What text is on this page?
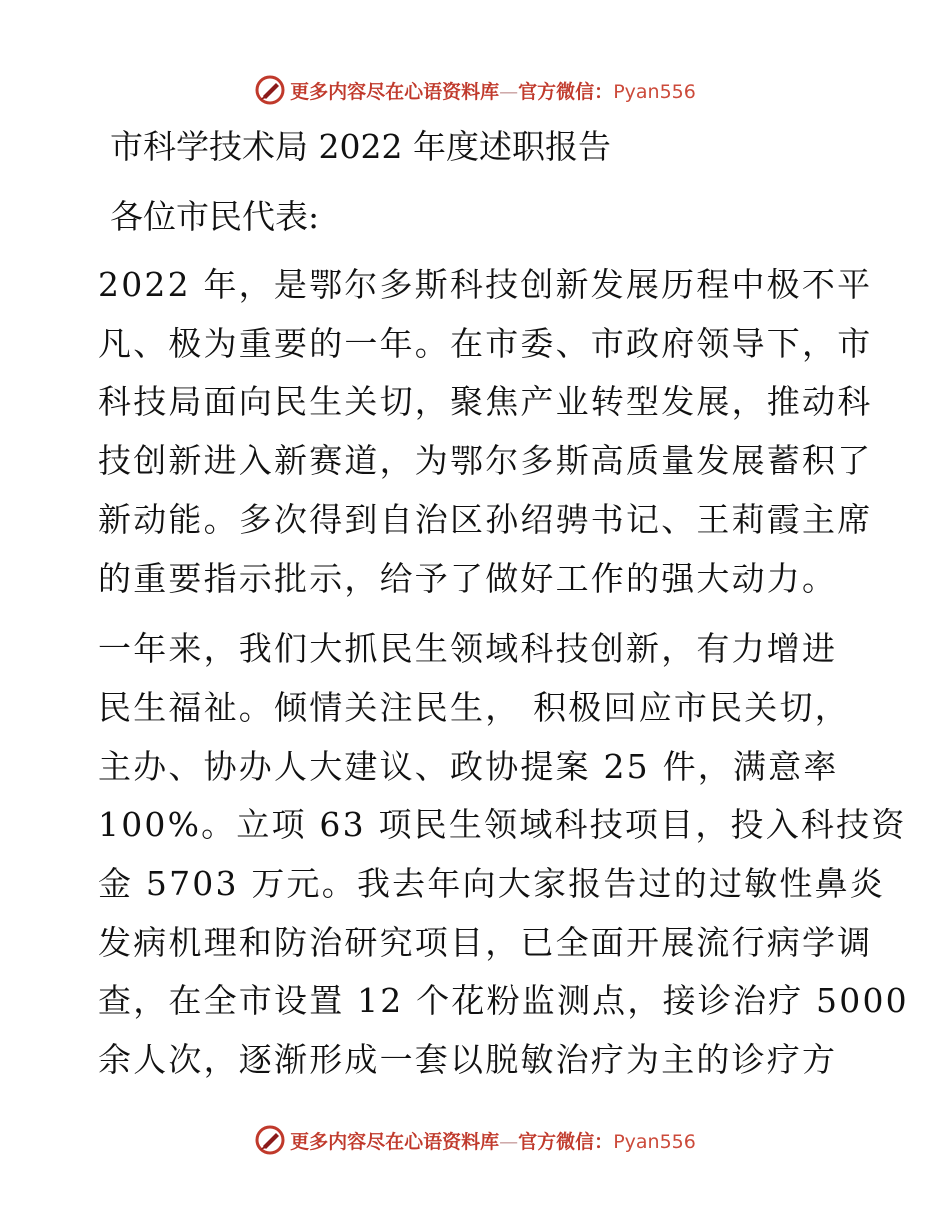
更多内容尽在心语资料库—官方微信：Pyan556
市科学技术局 2022 年度述职报告
各位市民代表:
2022 年，是鄂尔多斯科技创新发展历程中极不平
凡、极为重要的一年。在市委、市政府领导下，市
科技局面向民生关切，聚焦产业转型发展，推动科
技创新进入新赛道，为鄂尔多斯高质量发展蓄积了
新动能。多次得到自治区孙绍骋书记、王莉霞主席
的重要指示批示，给予了做好工作的强大动力。
一年来，我们大抓民生领域科技创新，有力增进
民生福祉。倾情关注民生， 积极回应市民关切，
主办、协办人大建议、政协提案 25 件，满意率
100%。立项 63 项民生领域科技项目，投入科技资
金 5703 万元。我去年向大家报告过的过敏性鼻炎
发病机理和防治研究项目，已全面开展流行病学调
查，在全市设置 12 个花粉监测点，接诊治疗 5000
余人次，逐渐形成一套以脱敏治疗为主的诊疗方
更多内容尽在心语资料库—官方微信：Pyan556
